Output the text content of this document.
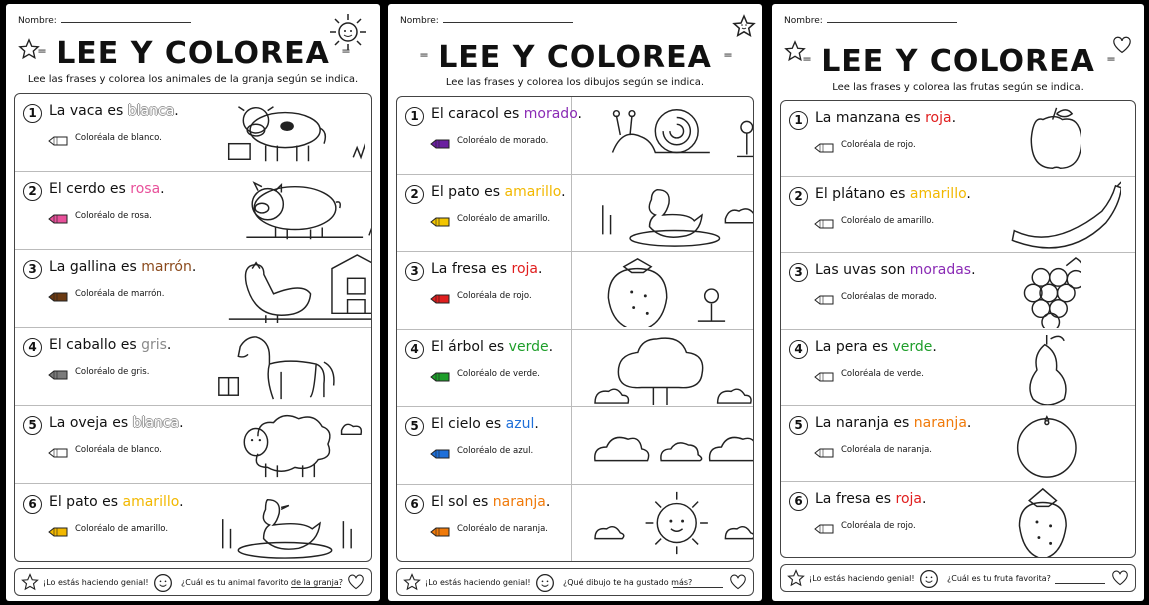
Nombre:
⁼ LEE Y COLOREA ⁼
Lee las frases y colorea los animales de la granja según se indica.
1 La vaca es blanca.
Coloréala de blanco.
2 El cerdo es rosa.
Coloréalo de rosa.
3 La gallina es marrón.
Coloréala de marrón.
4 El caballo es gris.
Coloréalo de gris.
5 La oveja es blanca.
Coloréala de blanco.
6 El pato es amarillo.
Coloréalo de amarillo.
¡Lo estás haciendo genial!	¿Cuál es tu animal favorito de la granja?
Nombre:
⁼ LEE Y COLOREA ⁼
Lee las frases y colorea los dibujos según se indica.
1 El caracol es morado.
Coloréalo de morado.
2 El pato es amarillo.
Coloréalo de amarillo.
3 La fresa es roja.
Coloréala de rojo.
4 El árbol es verde.
Coloréalo de verde.
5 El cielo es azul.
Coloréalo de azul.
6 El sol es naranja.
Coloréalo de naranja.
¡Lo estás haciendo genial!	¿Qué dibujo te ha gustado más?
Nombre:
⁼ LEE Y COLOREA ⁼
Lee las frases y colorea las frutas según se indica.
1 La manzana es roja.
Coloréala de rojo.
2 El plátano es amarillo.
Coloréalo de amarillo.
3 Las uvas son moradas.
Coloréalas de morado.
4 La pera es verde.
Coloréala de verde.
5 La naranja es naranja.
Coloréala de naranja.
6 La fresa es roja.
Coloréala de rojo.
¡Lo estás haciendo genial!	¿Cuál es tu fruta favorita?
